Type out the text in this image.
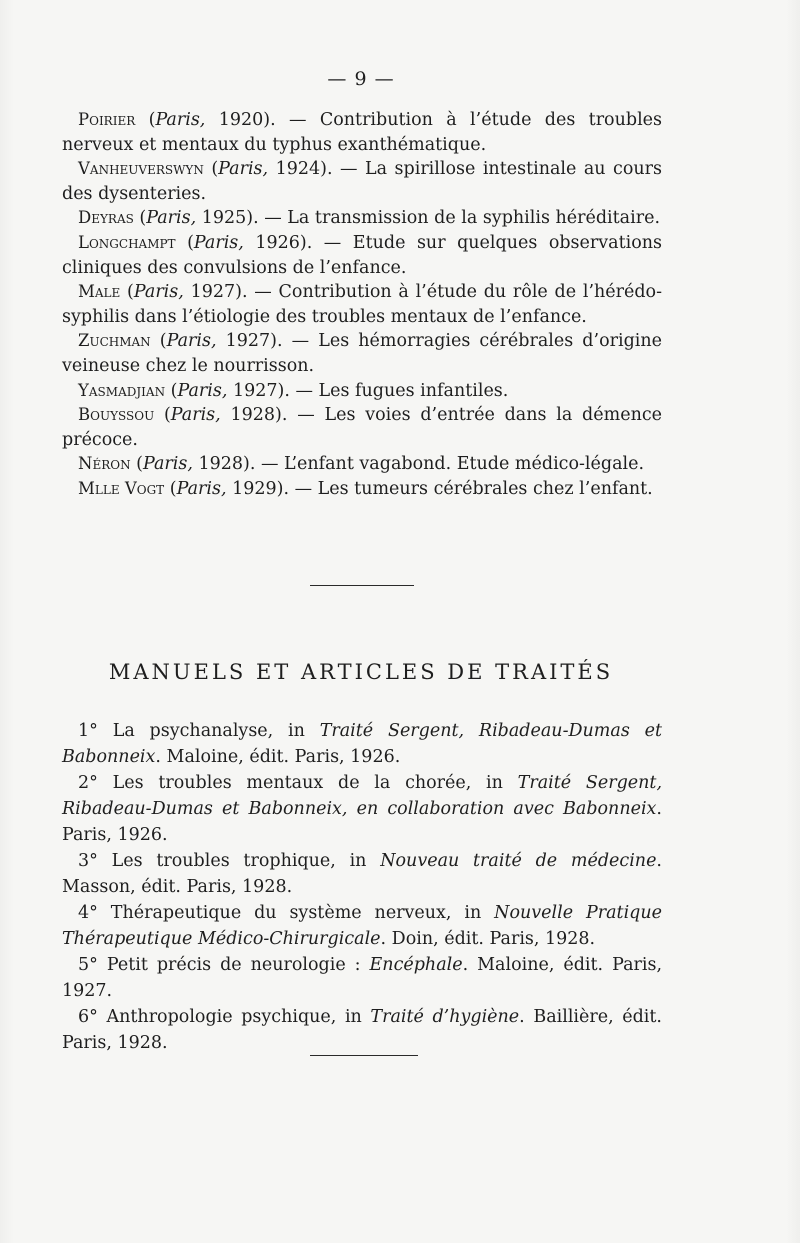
— 9 —

Poirier (Paris, 1920). — Contribution à l’étude des troubles nerveux et mentaux du typhus exanthématique.

Vanheuverswyn (Paris, 1924). — La spirillose intestinale au cours des dysenteries.

Deyras (Paris, 1925). — La transmission de la syphilis héréditaire.

Longchampt (Paris, 1926). — Etude sur quelques observations cliniques des convulsions de l’enfance.

Male (Paris, 1927). — Contribution à l’étude du rôle de l’hérédo-syphilis dans l’étiologie des troubles mentaux de l’enfance.

Zuchman (Paris, 1927). — Les hémorragies cérébrales d’origine veineuse chez le nourrisson.

Yasmadjian (Paris, 1927). — Les fugues infantiles.

Bouyssou (Paris, 1928). — Les voies d’entrée dans la démence précoce.

Néron (Paris, 1928). — L’enfant vagabond. Etude médico-légale.

Mlle Vogt (Paris, 1929). — Les tumeurs cérébrales chez l’enfant.

MANUELS ET ARTICLES DE TRAITÉS

1° La psychanalyse, in Traité Sergent, Ribadeau-Dumas et Babonneix. Maloine, édit. Paris, 1926.

2° Les troubles mentaux de la chorée, in Traité Sergent, Ribadeau-Dumas et Babonneix, en collaboration avec Babonneix. Paris, 1926.

3° Les troubles trophique, in Nouveau traité de médecine. Masson, édit. Paris, 1928.

4° Thérapeutique du système nerveux, in Nouvelle Pratique Thérapeutique Médico-Chirurgicale. Doin, édit. Paris, 1928.

5° Petit précis de neurologie : Encéphale. Maloine, édit. Paris, 1927.

6° Anthropologie psychique, in Traité d’hygiène. Baillière, édit. Paris, 1928.
